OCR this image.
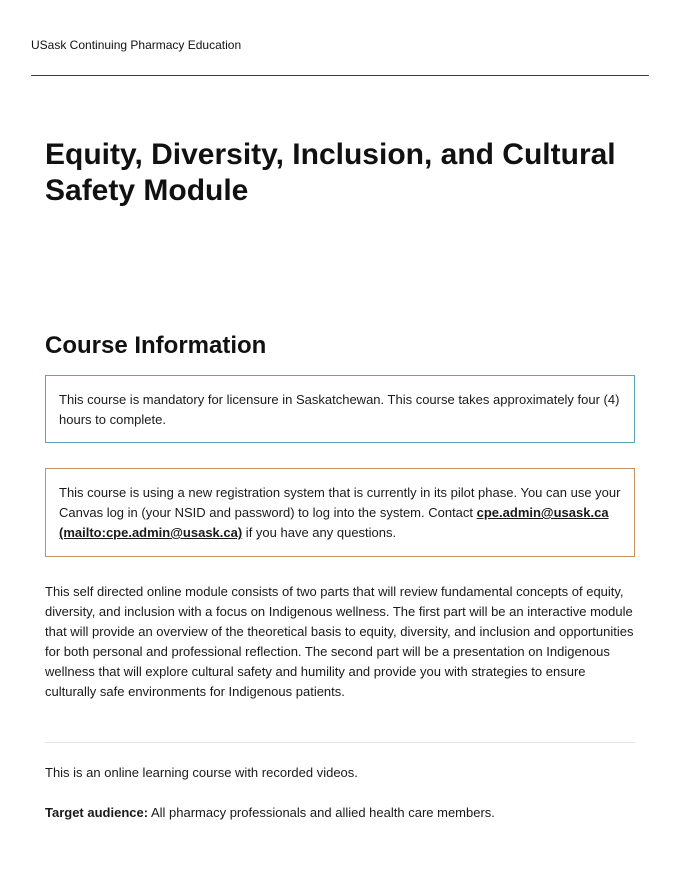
USask Continuing Pharmacy Education
Equity, Diversity, Inclusion, and Cultural Safety Module
Course Information
This course is mandatory for licensure in Saskatchewan. This course takes approximately four (4) hours to complete.
This course is using a new registration system that is currently in its pilot phase. You can use your Canvas log in (your NSID and password) to log into the system. Contact cpe.admin@usask.ca (mailto:cpe.admin@usask.ca) if you have any questions.

This self directed online module consists of two parts that will review fundamental concepts of equity, diversity, and inclusion with a focus on Indigenous wellness. The first part will be an interactive module that will provide an overview of the theoretical basis to equity, diversity, and inclusion and opportunities for both personal and professional reflection. The second part will be a presentation on Indigenous wellness that will explore cultural safety and humility and provide you with strategies to ensure culturally safe environments for Indigenous patients.

This is an online learning course with recorded videos.

Target audience: All pharmacy professionals and allied health care members.
